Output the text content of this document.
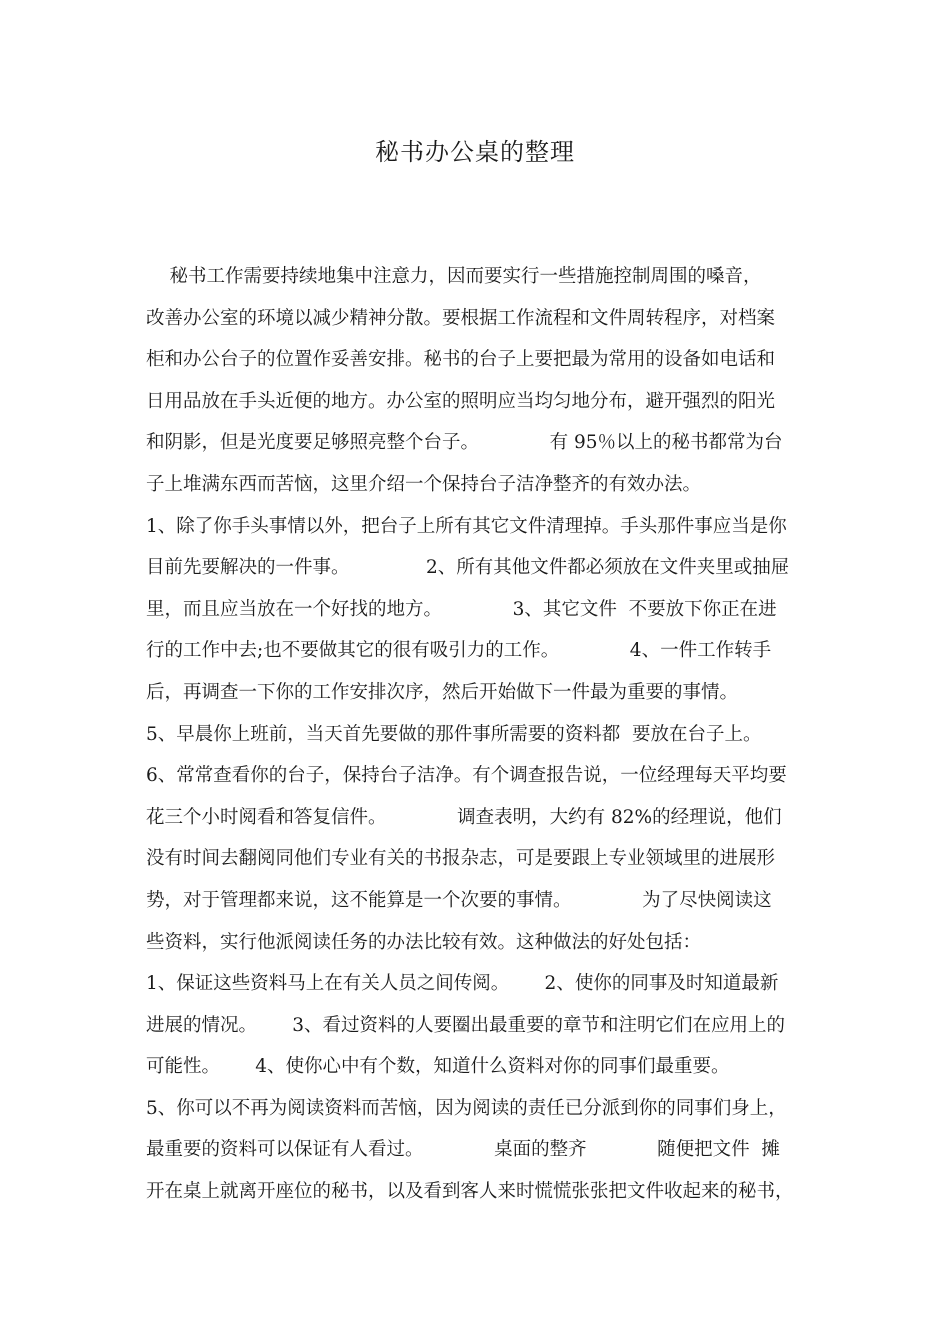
秘书办公桌的整理
秘书工作需要持续地集中注意力，因而要实行一些措施控制周围的嗓音，
改善办公室的环境以减少精神分散。要根据工作流程和文件周转程序，对档案
柜和办公台子的位置作妥善安排。秘书的台子上要把最为常用的设备如电话和
日用品放在手头近便的地方。办公室的照明应当均匀地分布，避开强烈的阳光
和阴影，但是光度要足够照亮整个台子。            有 95％以上的秘书都常为台
子上堆满东西而苦恼，这里介绍一个保持台子洁净整齐的有效办法。
1、除了你手头事情以外，把台子上所有其它文件清理掉。手头那件事应当是你
目前先要解决的一件事。             2、所有其他文件都必须放在文件夹里或抽屉
里，而且应当放在一个好找的地方。            3、其它文件  不要放下你正在进
行的工作中去;也不要做其它的很有吸引力的工作。            4、一件工作转手
后，再调查一下你的工作安排次序，然后开始做下一件最为重要的事情。
5、早晨你上班前，当天首先要做的那件事所需要的资料都  要放在台子上。
6、常常查看你的台子，保持台子洁净。有个调查报告说，一位经理每天平均要
花三个小时阅看和答复信件。            调查表明，大约有 82%的经理说，他们
没有时间去翻阅同他们专业有关的书报杂志，可是要跟上专业领域里的进展形
势，对于管理都来说，这不能算是一个次要的事情。            为了尽快阅读这
些资料，实行他派阅读任务的办法比较有效。这种做法的好处包括：
1、保证这些资料马上在有关人员之间传阅。      2、使你的同事及时知道最新
进展的情况。      3、看过资料的人要圈出最重要的章节和注明它们在应用上的
可能性。      4、使你心中有个数，知道什么资料对你的同事们最重要。
5、你可以不再为阅读资料而苦恼，因为阅读的责任已分派到你的同事们身上，
最重要的资料可以保证有人看过。            桌面的整齐            随便把文件  摊
开在桌上就离开座位的秘书，以及看到客人来时慌慌张张把文件收起来的秘书，
